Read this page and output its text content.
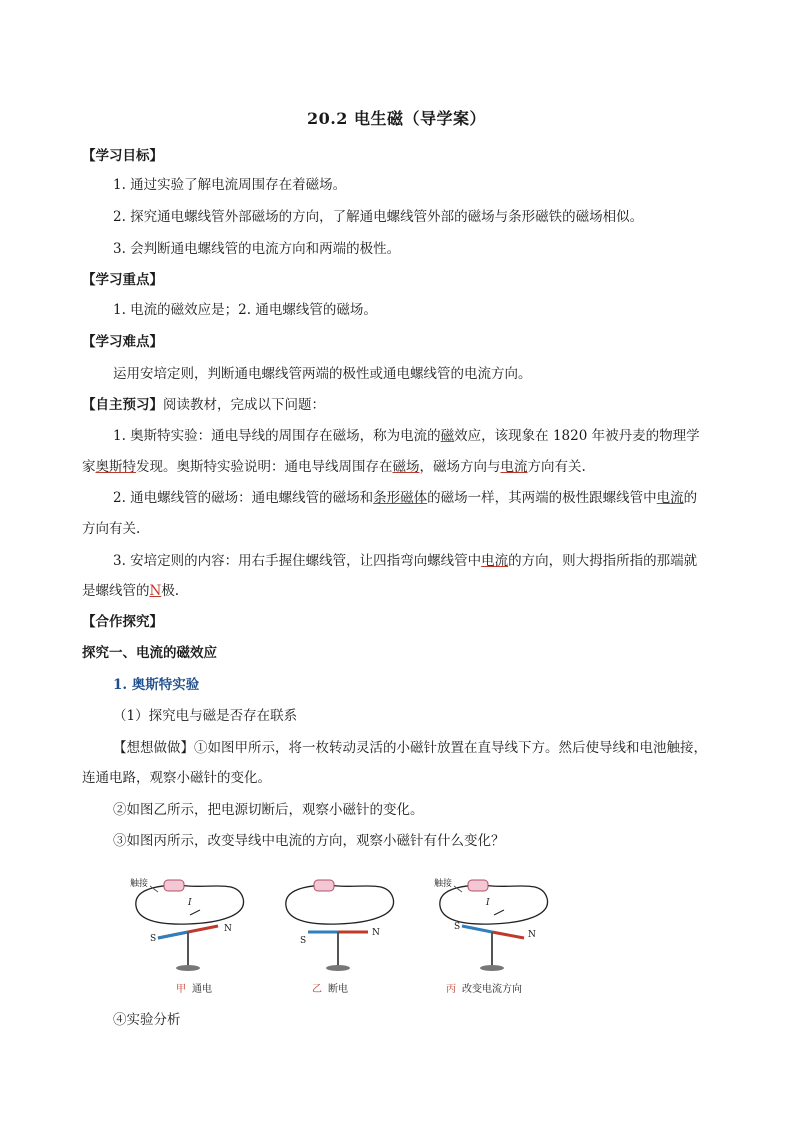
20.2 电生磁（导学案）
【学习目标】
1. 通过实验了解电流周围存在着磁场。
2. 探究通电螺线管外部磁场的方向，了解通电螺线管外部的磁场与条形磁铁的磁场相似。
3. 会判断通电螺线管的电流方向和两端的极性。
【学习重点】
1. 电流的磁效应是；2. 通电螺线管的磁场。
【学习难点】
运用安培定则，判断通电螺线管两端的极性或通电螺线管的电流方向。
【自主预习】阅读教材，完成以下问题：
1. 奥斯特实验：通电导线的周围存在磁场，称为电流的磁效应，该现象在 1820 年被丹麦的物理学
家奥斯特发现。奥斯特实验说明：通电导线周围存在磁场，磁场方向与电流方向有关.
2. 通电螺线管的磁场：通电螺线管的磁场和条形磁体的磁场一样，其两端的极性跟螺线管中电流的
方向有关.
3. 安培定则的内容：用右手握住螺线管，让四指弯向螺线管中电流的方向，则大拇指所指的那端就
是螺线管的N极.
【合作探究】
探究一、电流的磁效应
1. 奥斯特实验
（1）探究电与磁是否存在联系
【想想做做】①如图甲所示，将一枚转动灵活的小磁针放置在直导线下方。然后使导线和电池触接，
连通电路，观察小磁针的变化。
②如图乙所示，把电源切断后，观察小磁针的变化。
③如图丙所示，改变导线中电流的方向，观察小磁针有什么变化？
触接
I
S
N
甲 通电
S
N
乙 断电
触接
I
S
N
丙 改变电流方向
④实验分析
